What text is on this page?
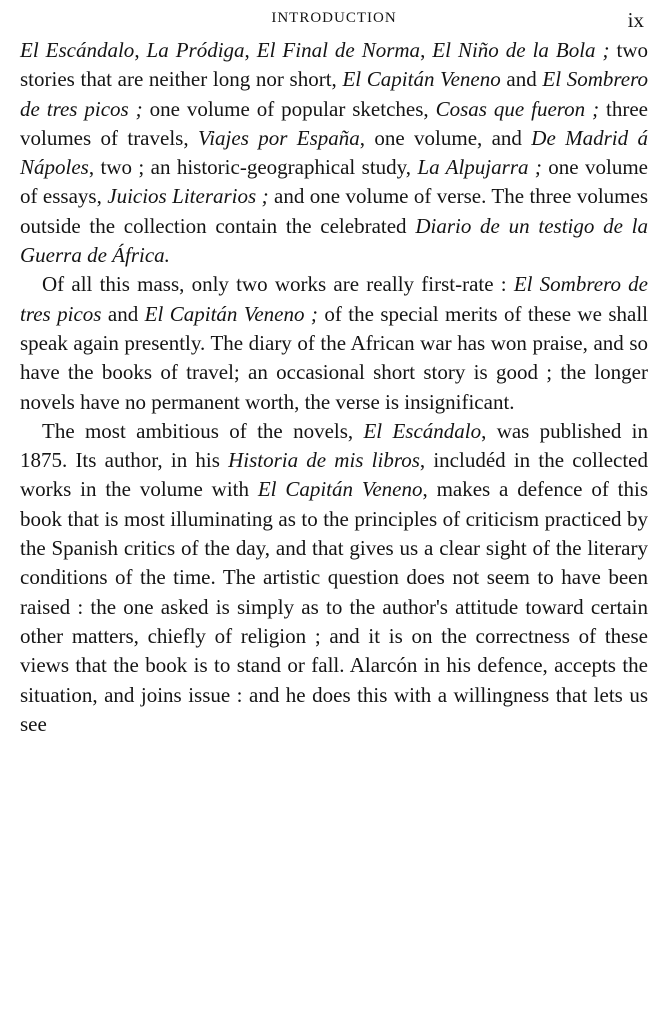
INTRODUCTION	ix

El Escándalo, La Pródiga, El Final de Norma, El Niño de la Bola ; two stories that are neither long nor short, El Capitán Veneno and El Sombrero de tres picos ; one volume of popular sketches, Cosas que fueron ; three volumes of travels, Viajes por España, one volume, and De Madrid á Nápoles, two ; an historic-geographical study, La Alpujarra ; one volume of essays, Juicios Literarios ; and one volume of verse. The three volumes outside the collection contain the celebrated Diario de un testigo de la Guerra de África.

Of all this mass, only two works are really first-rate : El Sombrero de tres picos and El Capitán Veneno ; of the special merits of these we shall speak again presently. The diary of the African war has won praise, and so have the books of travel; an occasional short story is good ; the longer novels have no permanent worth, the verse is insignificant.

The most ambitious of the novels, El Escándalo, was published in 1875. Its author, in his Historia de mis libros, includéd in the collected works in the volume with El Capitán Veneno, makes a defence of this book that is most illuminating as to the principles of criticism practiced by the Spanish critics of the day, and that gives us a clear sight of the literary conditions of the time. The artistic question does not seem to have been raised : the one asked is simply as to the author's attitude toward certain other matters, chiefly of religion ; and it is on the correctness of these views that the book is to stand or fall. Alarcón in his defence, accepts the situation, and joins issue : and he does this with a willingness that lets us see
